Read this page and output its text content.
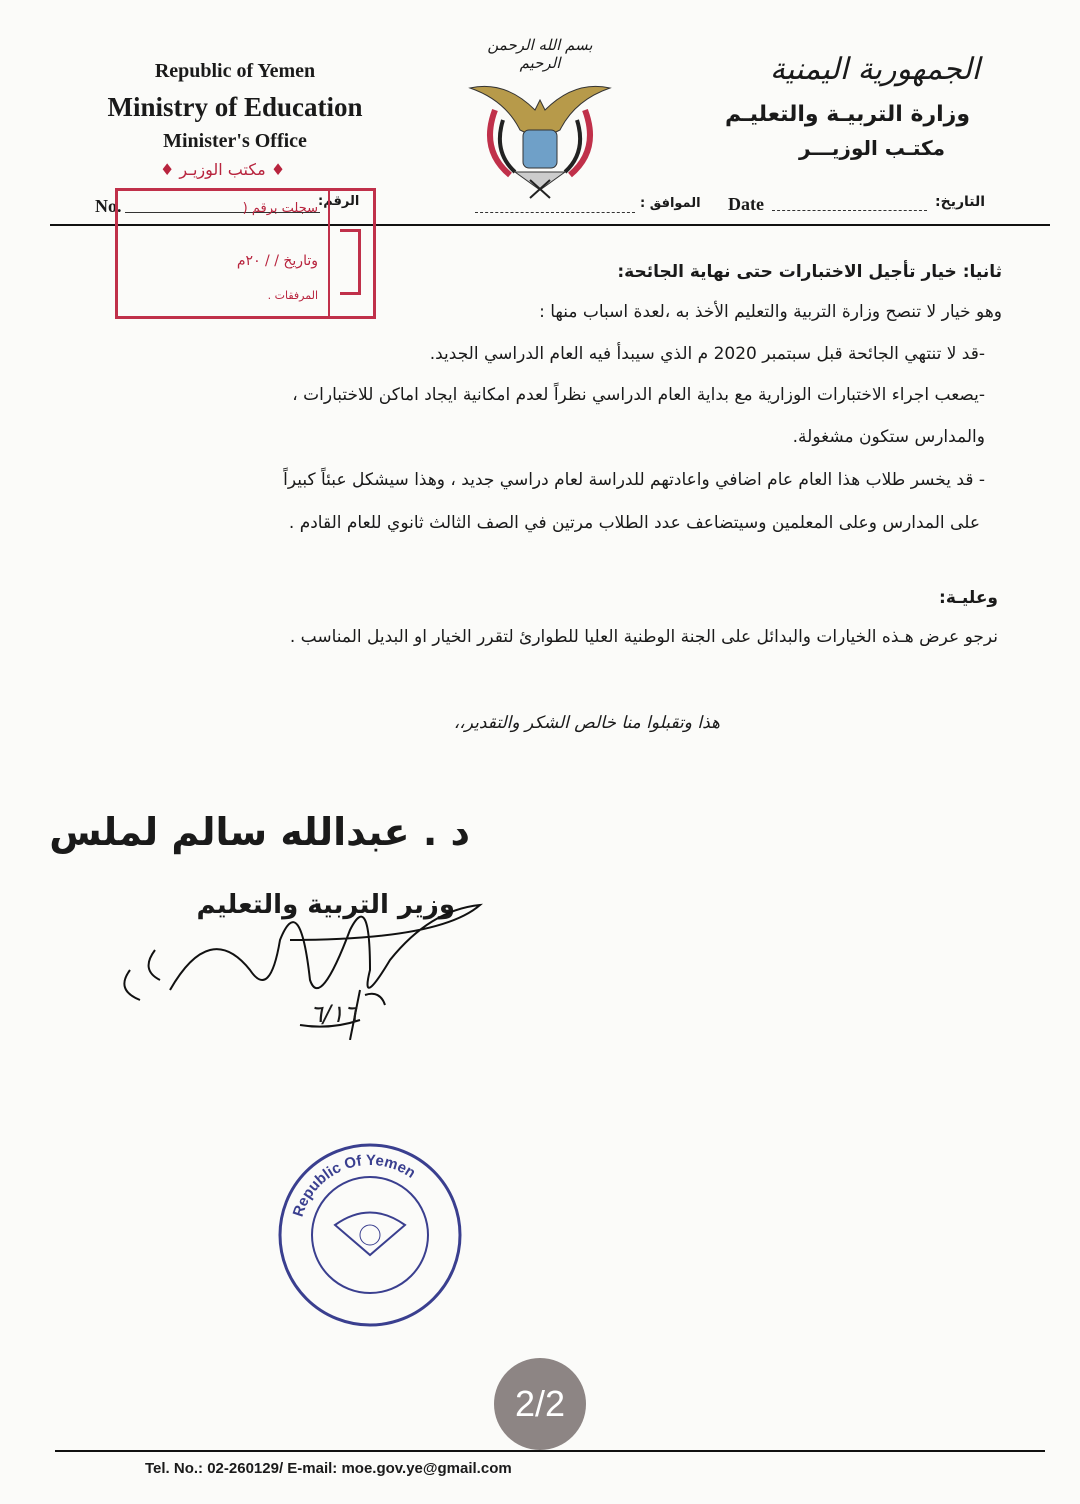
Republic of Yemen
Ministry of Education
Minister's Office
الجمهورية اليمنية
وزارة التربيـة والتعليـم
مكتـب الوزيـــر
بسم الله الرحمن الرحيم
No.	الرقم:	الموافق : Date	التاريخ:
♦ مكتب الوزيـر ♦
سجلت برقم (
وتاريخ / / ٢٠م
المرفقات .
ثانيا: خيار تأجيل الاختبارات حتى نهاية الجائحة:
وهو خيار لا تنصح وزارة التربية والتعليم الأخذ به ،لعدة اسباب منها :
-قد لا تنتهي الجائحة قبل سبتمبر 2020 م الذي سيبدأ فيه العام الدراسي الجديد.
-يصعب اجراء الاختبارات الوزارية مع بداية العام الدراسي نظراً لعدم امكانية ايجاد اماكن للاختبارات ،
والمدارس ستكون مشغولة.
- قد يخسر طلاب هذا العام عام اضافي واعادتهم للدراسة لعام دراسي جديد ، وهذا سيشكل عبئاً كبيراً
على المدارس وعلى المعلمين وسيتضاعف عدد الطلاب مرتين في الصف الثالث ثانوي للعام القادم .
وعليـة:
نرجو عرض هـذه الخيارات والبدائل على الجنة الوطنية العليا للطوارئ لتقرر الخيار او البديل المناسب .
هذا وتقبلوا منا خالص الشكر والتقدير،،
د . عبدالله سالم لملس
وزير التربية والتعليم
٦/١٦
Republic Of Yemen
2/2
Tel. No.: 02-260129/ E-mail: moe.gov.ye@gmail.com
